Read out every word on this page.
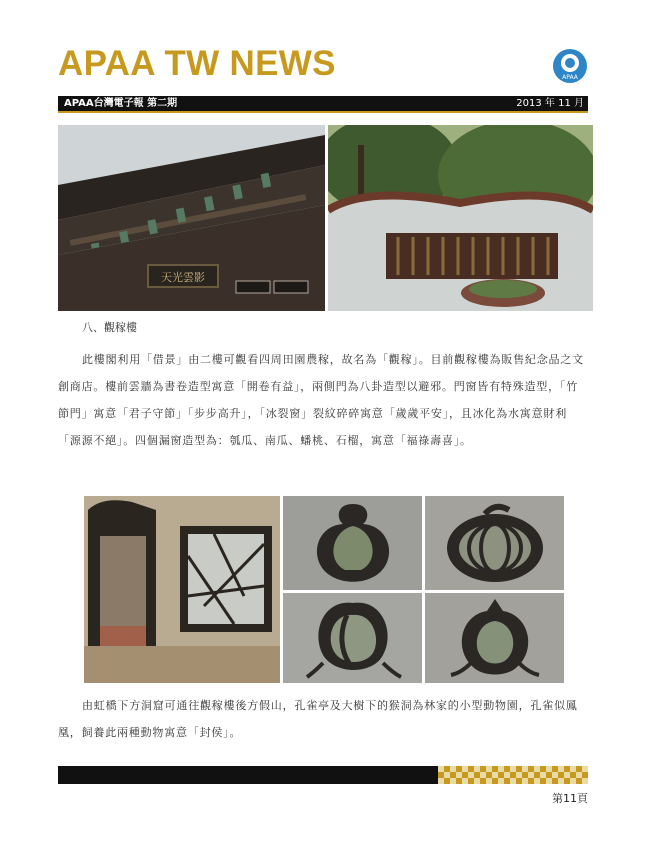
APAA TW NEWS	APAA
APAA台灣電子報 第二期	2013 年 11 月
天光雲影
八、觀稼樓
此樓閣利用「借景」由二樓可觀看四周田園農稼，故名為「觀稼」。目前觀稼樓為販售紀念品之文創商店。樓前雲牆為書卷造型寓意「開卷有益」，兩側門為八卦造型以避邪。門窗皆有特殊造型，「竹節門」寓意「君子守節」「步步高升」，「冰裂窗」裂紋碎碎寓意「歲歲平安」，且冰化為水寓意財利「源源不絕」。四個漏窗造型為：瓠瓜、南瓜、蟠桃、石榴，寓意「福祿壽喜」。
由虹橋下方洞窟可通往觀稼樓後方假山，孔雀亭及大樹下的猴洞為林家的小型動物園，孔雀似鳳凰，飼養此兩種動物寓意「封侯」。
第11頁
